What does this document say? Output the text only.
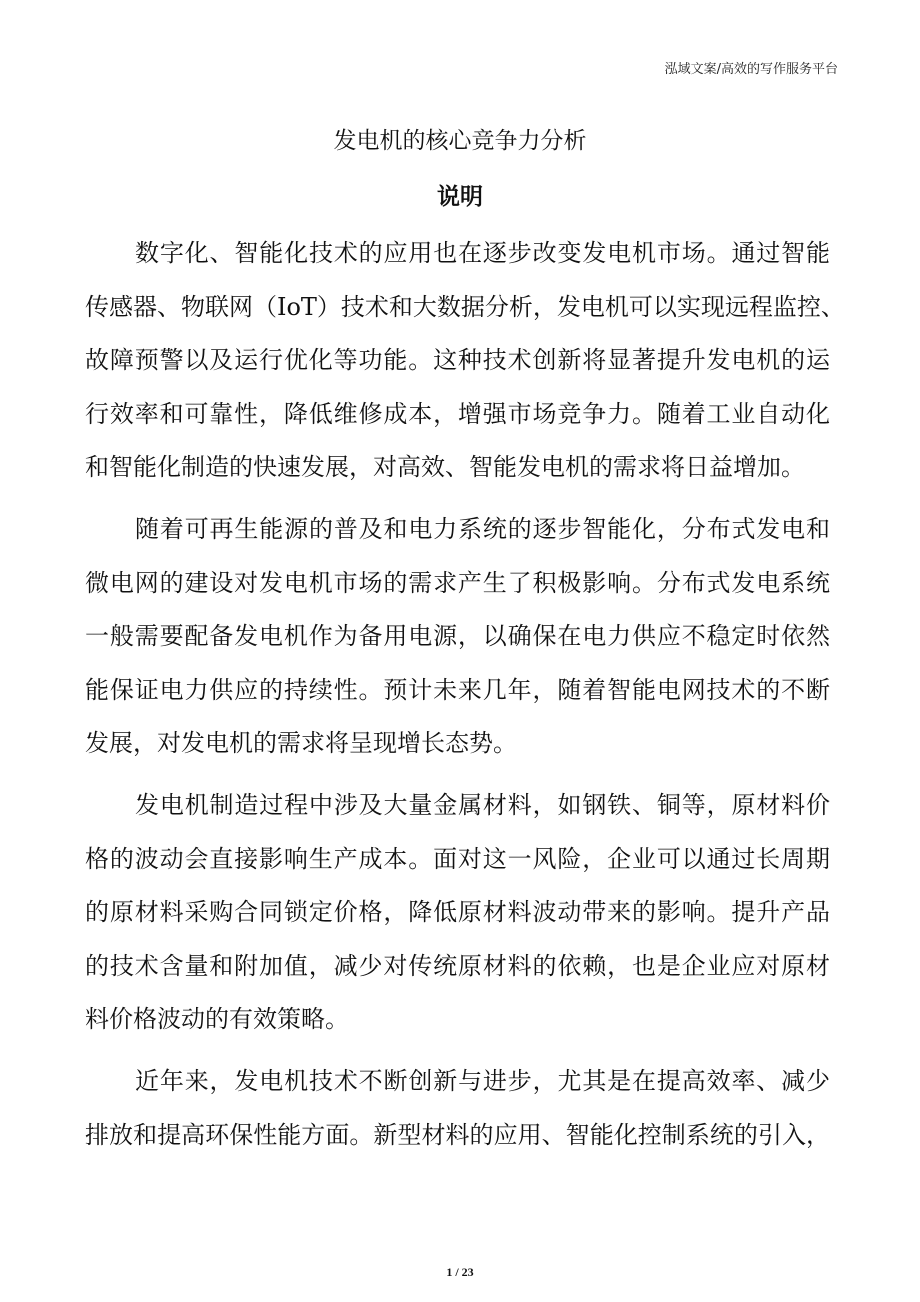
泓域文案/高效的写作服务平台
发电机的核心竞争力分析
说明
数字化、智能化技术的应用也在逐步改变发电机市场。通过智能
传感器、物联网（IoT）技术和大数据分析，发电机可以实现远程监控、
故障预警以及运行优化等功能。这种技术创新将显著提升发电机的运
行效率和可靠性，降低维修成本，增强市场竞争力。随着工业自动化
和智能化制造的快速发展，对高效、智能发电机的需求将日益增加。
随着可再生能源的普及和电力系统的逐步智能化，分布式发电和
微电网的建设对发电机市场的需求产生了积极影响。分布式发电系统
一般需要配备发电机作为备用电源，以确保在电力供应不稳定时依然
能保证电力供应的持续性。预计未来几年，随着智能电网技术的不断
发展，对发电机的需求将呈现增长态势。
发电机制造过程中涉及大量金属材料，如钢铁、铜等，原材料价
格的波动会直接影响生产成本。面对这一风险，企业可以通过长周期
的原材料采购合同锁定价格，降低原材料波动带来的影响。提升产品
的技术含量和附加值，减少对传统原材料的依赖，也是企业应对原材
料价格波动的有效策略。
近年来，发电机技术不断创新与进步，尤其是在提高效率、减少
排放和提高环保性能方面。新型材料的应用、智能化控制系统的引入，
1 / 23
